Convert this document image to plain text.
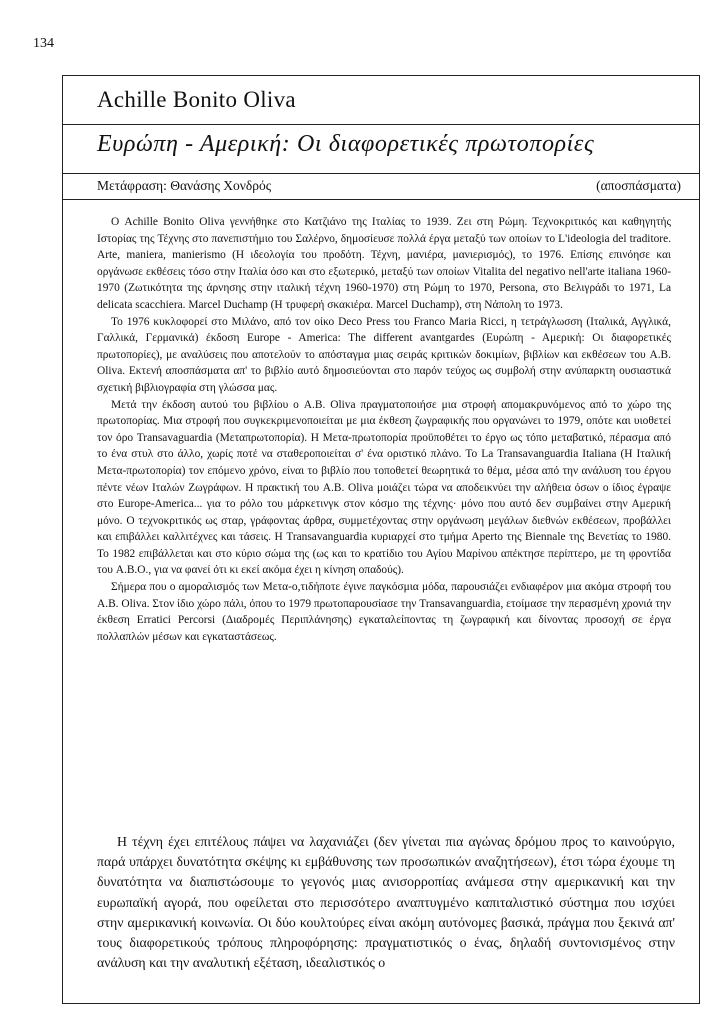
134
Achille Bonito Oliva
Ευρώπη - Αμερική: Οι διαφορετικές πρωτοπορίες
Μετάφραση: Θανάσης Χονδρός	(αποσπάσματα)

Ο Achille Bonito Oliva γεννήθηκε στο Κατζιάνο της Ιταλίας το 1939. Ζει στη Ρώμη. Τεχνοκριτικός και καθηγητής Ιστορίας της Τέχνης στο πανεπιστήμιο του Σαλέρνο, δημοσίευσε πολλά έργα μεταξύ των οποίων το L'ideologia del traditore. Arte, maniera, manierismo (Η ιδεολογία του προδότη. Τέχνη, μανιέρα, μανιερισμός), το 1976. Επίσης επινόησε και οργάνωσε εκθέσεις τόσο στην Ιταλία όσο και στο εξωτερικό, μεταξύ των οποίων Vitalita del negativo nell'arte italiana 1960-1970 (Ζωτικότητα της άρνησης στην ιταλική τέχνη 1960-1970) στη Ρώμη το 1970, Persona, στο Βελιγράδι το 1971, La delicata scacchiera. Marcel Duchamp (Η τρυφερή σκακιέρα. Marcel Duchamp), στη Νάπολη το 1973.

Το 1976 κυκλοφορεί στο Μιλάνο, από τον οίκο Deco Press του Franco Maria Ricci, η τετράγλωσση (Ιταλικά, Αγγλικά, Γαλλικά, Γερμανικά) έκδοση Europe - America: The different avantgardes (Ευρώπη - Αμερική: Οι διαφορετικές πρωτοπορίες), με αναλύσεις που αποτελούν το απόσταγμα μιας σειράς κριτικών δοκιμίων, βιβλίων και εκθέσεων του A.B. Oliva. Εκτενή αποσπάσματα απ' το βιβλίο αυτό δημοσιεύονται στο παρόν τεύχος ως συμβολή στην ανύπαρκτη ουσιαστικά σχετική βιβλιογραφία στη γλώσσα μας.

Μετά την έκδοση αυτού του βιβλίου ο A.B. Oliva πραγματοποιήσε μια στροφή απομακρυνόμενος από το χώρο της πρωτοπορίας. Μια στροφή που συγκεκριμενοποιείται με μια έκθεση ζωγραφικής που οργανώνει το 1979, οπότε και υιοθετεί τον όρο Transavaguardia (Μεταπρωτοπορία). Η Μετα-πρωτοπορία προϋποθέτει το έργο ως τόπο μεταβατικό, πέρασμα από το ένα στυλ στο άλλο, χωρίς ποτέ να σταθεροποιείται σ' ένα οριστικό πλάνο. Το La Transavanguardia Italiana (Η Ιταλική Μετα-πρωτοπορία) τον επόμενο χρόνο, είναι το βιβλίο που τοποθετεί θεωρητικά το θέμα, μέσα από την ανάλυση του έργου πέντε νέων Ιταλών Ζωγράφων. Η πρακτική του A.B. Oliva μοιάζει τώρα να αποδεικνύει την αλήθεια όσων ο ίδιος έγραψε στο Europe-America... για το ρόλο του μάρκετινγκ στον κόσμο της τέχνης· μόνο που αυτό δεν συμβαίνει στην Αμερική μόνο. Ο τεχνοκριτικός ως σταρ, γράφοντας άρθρα, συμμετέχοντας στην οργάνωση μεγάλων διεθνών εκθέσεων, προβάλλει και επιβάλλει καλλιτέχνες και τάσεις. Η Transavanguardia κυριαρχεί στο τμήμα Aperto της Biennale της Βενετίας το 1980. Το 1982 επιβάλλεται και στο κύριο σώμα της (ως και το κρατίδιο του Αγίου Μαρίνου απέκτησε περίπτερο, με τη φροντίδα του A.B.O., για να φανεί ότι κι εκεί ακόμα έχει η κίνηση οπαδούς).

Σήμερα που ο αμοραλισμός των Μετα-ο,τιδήποτε έγινε παγκόσμια μόδα, παρουσιάζει ενδιαφέρον μια ακόμα στροφή του A.B. Oliva. Στον ίδιο χώρο πάλι, όπου το 1979 πρωτοπαρουσίασε την Transavanguardia, ετοίμασε την περασμένη χρονιά την έκθεση Erratici Percorsi (Διαδρομές Περιπλάνησης) εγκαταλείποντας τη ζωγραφική και δίνοντας προσοχή σε έργα πολλαπλών μέσων και εγκαταστάσεως.

Η τέχνη έχει επιτέλους πάψει να λαχανιάζει (δεν γίνεται πια αγώνας δρόμου προς το καινούργιο, παρά υπάρχει δυνατότητα σκέψης κι εμβάθυνσης των προσωπικών αναζητήσεων), έτσι τώρα έχουμε τη δυνατότητα να διαπιστώσουμε το γεγονός μιας ανισορροπίας ανάμεσα στην αμερικανική και την ευρωπαϊκή αγορά, που οφείλεται στο περισσότερο αναπτυγμένο καπιταλιστικό σύστημα που ισχύει στην αμερικανική κοινωνία. Οι δύο κουλτούρες είναι ακόμη αυτόνομες βασικά, πράγμα που ξεκινά απ' τους διαφορετικούς τρόπους πληροφόρησης: πραγματιστικός ο ένας, δηλαδή συντονισμένος στην ανάλυση και την αναλυτική εξέταση, ιδεαλιστικός ο
